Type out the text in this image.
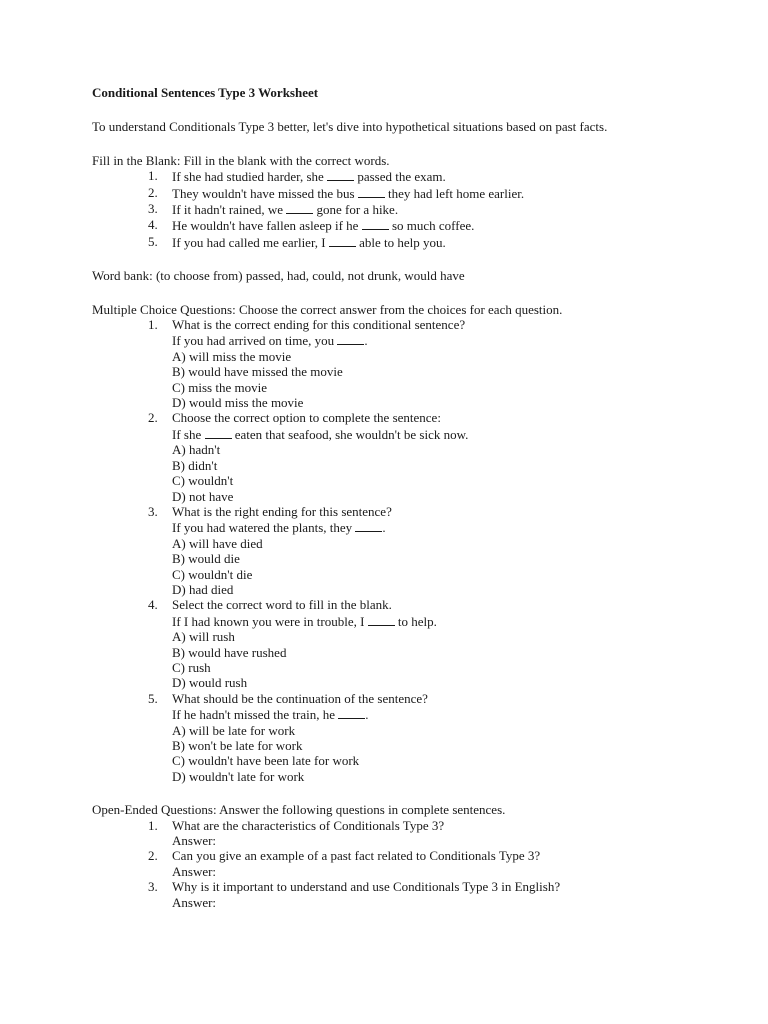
Conditional Sentences Type 3 Worksheet
To understand Conditionals Type 3 better, let's dive into hypothetical situations based on past facts.
Fill in the Blank: Fill in the blank with the correct words.
1.	If she had studied harder, she  passed the exam.
2.	They wouldn't have missed the bus  they had left home earlier.
3.	If it hadn't rained, we  gone for a hike.
4.	He wouldn't have fallen asleep if he  so much coffee.
5.	If you had called me earlier, I  able to help you.
Word bank: (to choose from) passed, had, could, not drunk, would have
Multiple Choice Questions: Choose the correct answer from the choices for each question.
1.	What is the correct ending for this conditional sentence?
If you had arrived on time, you .
A) will miss the movie
B) would have missed the movie
C) miss the movie
D) would miss the movie
2.	Choose the correct option to complete the sentence:
If she  eaten that seafood, she wouldn't be sick now.
A) hadn't
B) didn't
C) wouldn't
D) not have
3.	What is the right ending for this sentence?
If you had watered the plants, they .
A) will have died
B) would die
C) wouldn't die
D) had died
4.	Select the correct word to fill in the blank.
If I had known you were in trouble, I  to help.
A) will rush
B) would have rushed
C) rush
D) would rush
5.	What should be the continuation of the sentence?
If he hadn't missed the train, he .
A) will be late for work
B) won't be late for work
C) wouldn't have been late for work
D) wouldn't late for work
Open-Ended Questions: Answer the following questions in complete sentences.
1.	What are the characteristics of Conditionals Type 3?
Answer:
2.	Can you give an example of a past fact related to Conditionals Type 3?
Answer:
3.	Why is it important to understand and use Conditionals Type 3 in English?
Answer:
